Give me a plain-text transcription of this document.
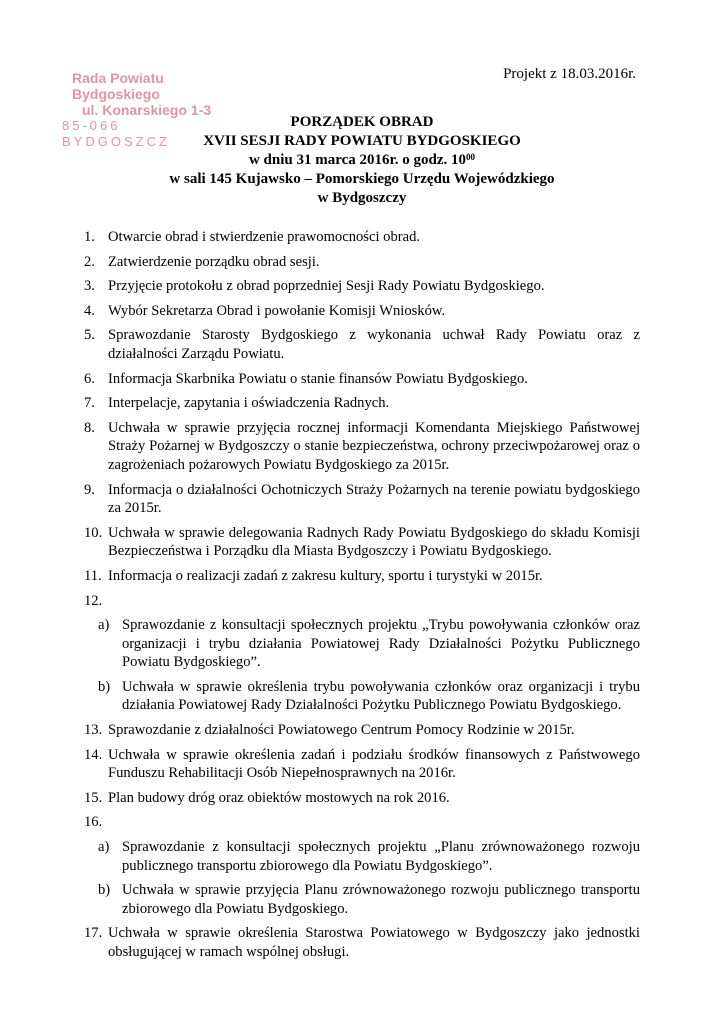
Rada Powiatu Bydgoskiego
ul. Konarskiego 1-3
85-066 BYDGOSZCZ
Projekt z 18.03.2016r.
PORZĄDEK OBRAD
XVII SESJI RADY POWIATU BYDGOSKIEGO
w dniu 31 marca 2016r. o godz. $10^{00}$
w sali 145 Kujawsko – Pomorskiego Urzędu Wojewódzkiego
w Bydgoszczy
1. Otwarcie obrad i stwierdzenie prawomocności obrad.
2. Zatwierdzenie porządku obrad sesji.
3. Przyjęcie protokołu z obrad poprzedniej Sesji Rady Powiatu Bydgoskiego.
4. Wybór Sekretarza Obrad i powołanie Komisji Wniosków.
5. Sprawozdanie Starosty Bydgoskiego z wykonania uchwał Rady Powiatu oraz z działalności Zarządu Powiatu.
6. Informacja Skarbnika Powiatu o stanie finansów Powiatu Bydgoskiego.
7. Interpelacje, zapytania i oświadczenia Radnych.
8. Uchwała w sprawie przyjęcia rocznej informacji Komendanta Miejskiego Państwowej Straży Pożarnej w Bydgoszczy o stanie bezpieczeństwa, ochrony przeciwpożarowej oraz o zagrożeniach pożarowych Powiatu Bydgoskiego za 2015r.
9. Informacja o działalności Ochotniczych Straży Pożarnych na terenie powiatu bydgoskiego za 2015r.
10. Uchwała w sprawie delegowania Radnych Rady Powiatu Bydgoskiego do składu Komisji Bezpieczeństwa i Porządku dla Miasta Bydgoszczy i Powiatu Bydgoskiego.
11. Informacja o realizacji zadań z zakresu kultury, sportu i turystyki w 2015r.
12.

a) Sprawozdanie z konsultacji społecznych projektu „Trybu powoływania członków oraz organizacji i trybu działania Powiatowej Rady Działalności Pożytku Publicznego Powiatu Bydgoskiego”.
b) Uchwała w sprawie określenia trybu powoływania członków oraz organizacji i trybu działania Powiatowej Rady Działalności Pożytku Publicznego Powiatu Bydgoskiego.
13. Sprawozdanie z działalności Powiatowego Centrum Pomocy Rodzinie w 2015r.
14. Uchwała w sprawie określenia zadań i podziału środków finansowych z Państwowego Funduszu Rehabilitacji Osób Niepełnosprawnych na 2016r.
15. Plan budowy dróg oraz obiektów mostowych na rok 2016.
16.

a) Sprawozdanie z konsultacji społecznych projektu „Planu zrównoważonego rozwoju publicznego transportu zbiorowego dla Powiatu Bydgoskiego”.
b) Uchwała w sprawie przyjęcia Planu zrównoważonego rozwoju publicznego transportu zbiorowego dla Powiatu Bydgoskiego.
17. Uchwała w sprawie określenia Starostwa Powiatowego w Bydgoszczy jako jednostki obsługującej w ramach wspólnej obsługi.
